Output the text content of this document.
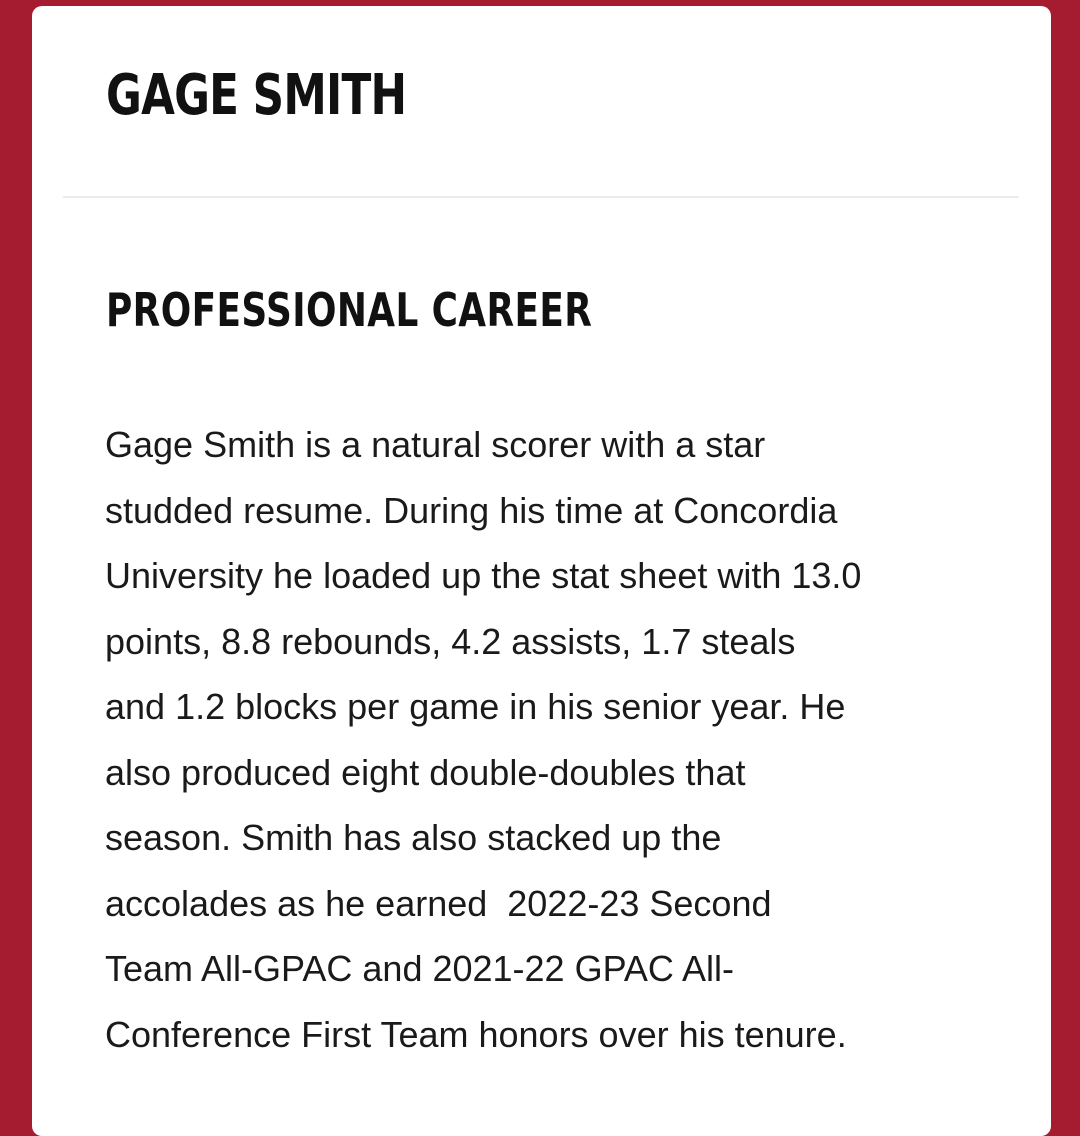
GAGE SMITH
PROFESSIONAL CAREER

Gage Smith is a natural scorer with a star
studded resume. During his time at Concordia
University he loaded up the stat sheet with 13.0
points, 8.8 rebounds, 4.2 assists, 1.7 steals
and 1.2 blocks per game in his senior year. He
also produced eight double-doubles that
season. Smith has also stacked up the
accolades as he earned  2022-23 Second
Team All-GPAC and 2021-22 GPAC All-
Conference First Team honors over his tenure.
